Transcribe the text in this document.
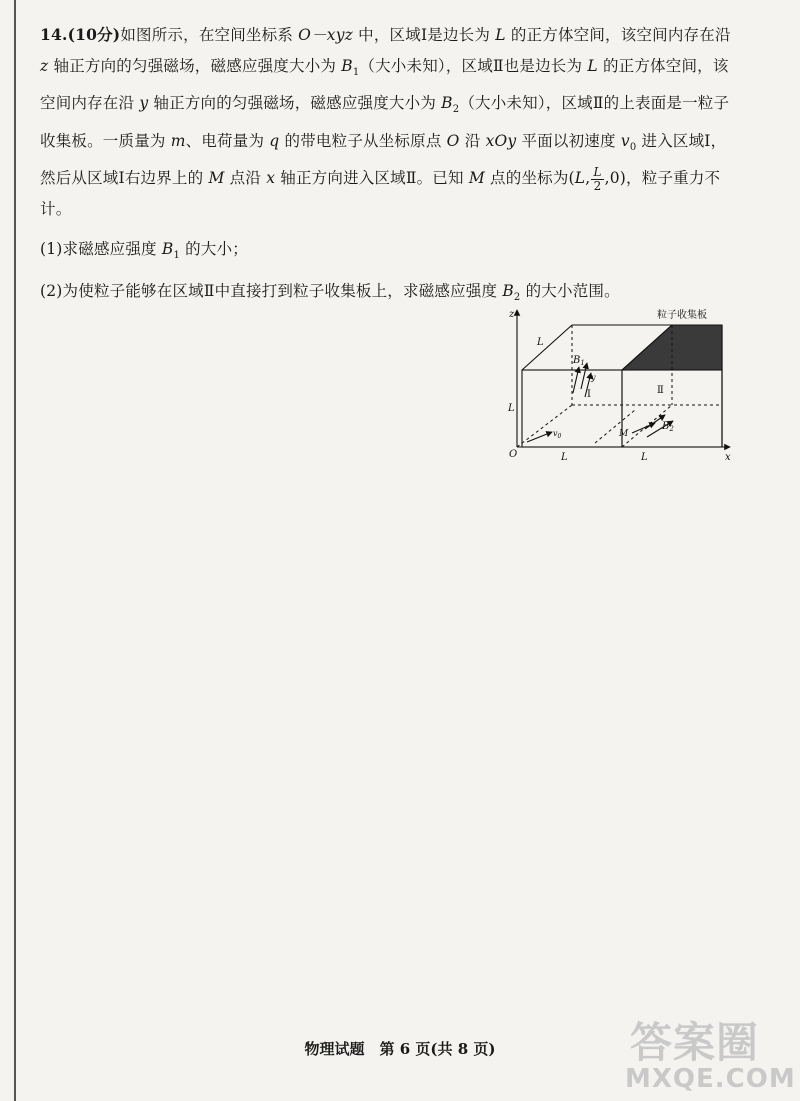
14.(10分)如图所示，在空间坐标系 O－xyz 中，区域Ⅰ是边长为 L 的正方体空间，该空间内存在沿 z 轴正方向的匀强磁场，磁感应强度大小为 $B_1$（大小未知），区域Ⅱ也是边长为 L 的正方体空间，该空间内存在沿 y 轴正方向的匀强磁场，磁感应强度大小为 $B_2$（大小未知），区域Ⅱ的上表面是一粒子收集板。一质量为 m、电荷量为 q 的带电粒子从坐标原点 O 沿 xOy 平面以初速度 $v_0$ 进入区域Ⅰ，然后从区域Ⅰ右边界上的 M 点沿 x 轴正方向进入区域Ⅱ。已知 M 点的坐标为(L, $\frac{L}{2} ,0$)，粒子重力不计。

(1)求磁感应强度 $B_1$ 的大小；

(2)为使粒子能够在区域Ⅱ中直接打到粒子收集板上，求磁感应强度 $B_2$ 的大小范围。

粒子收集板
z
x
O
L
L
L	L
$B_1$
$B_2$
Ⅰ	Ⅱ
y
$v_0$	M
物理试题　第 6 页(共 8 页)	答案圈
MXQE.COM
